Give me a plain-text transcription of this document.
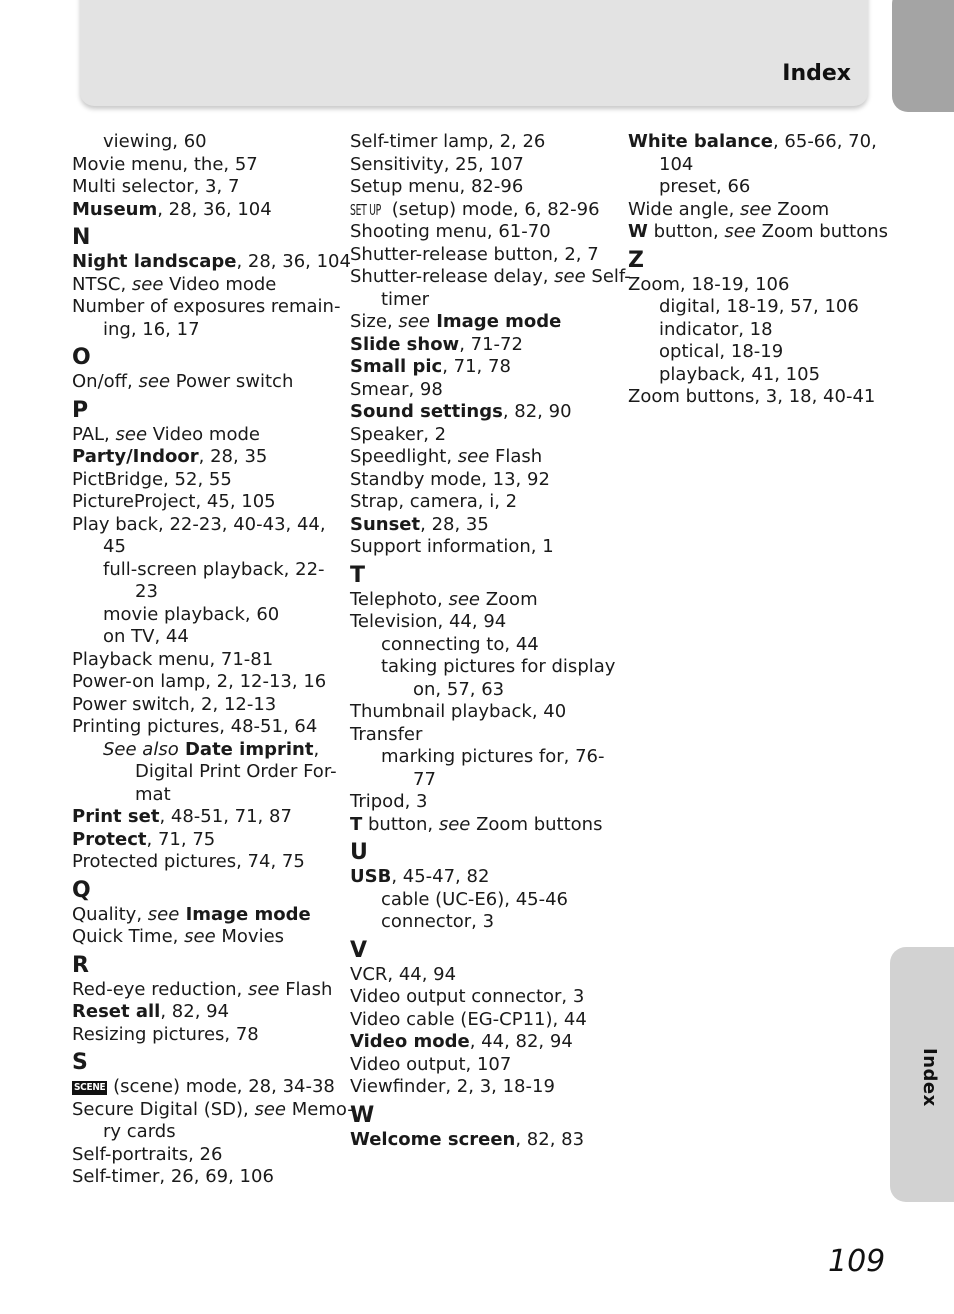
Index
Index
viewing, 60
Movie menu, the, 57
Multi selector, 3, 7
Museum, 28, 36, 104
N
Night landscape, 28, 36, 104
NTSC, see Video mode
Number of exposures remain-
ing, 16, 17
O
On/off, see Power switch
P
PAL, see Video mode
Party/Indoor, 28, 35
PictBridge, 52, 55
PictureProject, 45, 105
Play back, 22-23, 40-43, 44,
45
full-screen playback, 22-
23
movie playback, 60
on TV, 44
Playback menu, 71-81
Power-on lamp, 2, 12-13, 16
Power switch, 2, 12-13
Printing pictures, 48-51, 64
See also Date imprint,
Digital Print Order For-
mat
Print set, 48-51, 71, 87
Protect, 71, 75
Protected pictures, 74, 75
Q
Quality, see Image mode
Quick Time, see Movies
R
Red-eye reduction, see Flash
Reset all, 82, 94
Resizing pictures, 78
S
SCENE (scene) mode, 28, 34-38
Secure Digital (SD), see Memo-
ry cards
Self-portraits, 26
Self-timer, 26, 69, 106
Self-timer lamp, 2, 26
Sensitivity, 25, 107
Setup menu, 82-96
SET UP (setup) mode, 6, 82-96
Shooting menu, 61-70
Shutter-release button, 2, 7
Shutter-release delay, see Self-
timer
Size, see Image mode
Slide show, 71-72
Small pic, 71, 78
Smear, 98
Sound settings, 82, 90
Speaker, 2
Speedlight, see Flash
Standby mode, 13, 92
Strap, camera, i, 2
Sunset, 28, 35
Support information, 1
T
Telephoto, see Zoom
Television, 44, 94
connecting to, 44
taking pictures for display
on, 57, 63
Thumbnail playback, 40
Transfer
marking pictures for, 76-
77
Tripod, 3
T button, see Zoom buttons
U
USB, 45-47, 82
cable (UC-E6), 45-46
connector, 3
V
VCR, 44, 94
Video output connector, 3
Video cable (EG-CP11), 44
Video mode, 44, 82, 94
Video output, 107
Viewfinder, 2, 3, 18-19
W
Welcome screen, 82, 83
White balance, 65-66, 70,
104
preset, 66
Wide angle, see Zoom
W button, see Zoom buttons
Z
Zoom, 18-19, 106
digital, 18-19, 57, 106
indicator, 18
optical, 18-19
playback, 41, 105
Zoom buttons, 3, 18, 40-41
109
